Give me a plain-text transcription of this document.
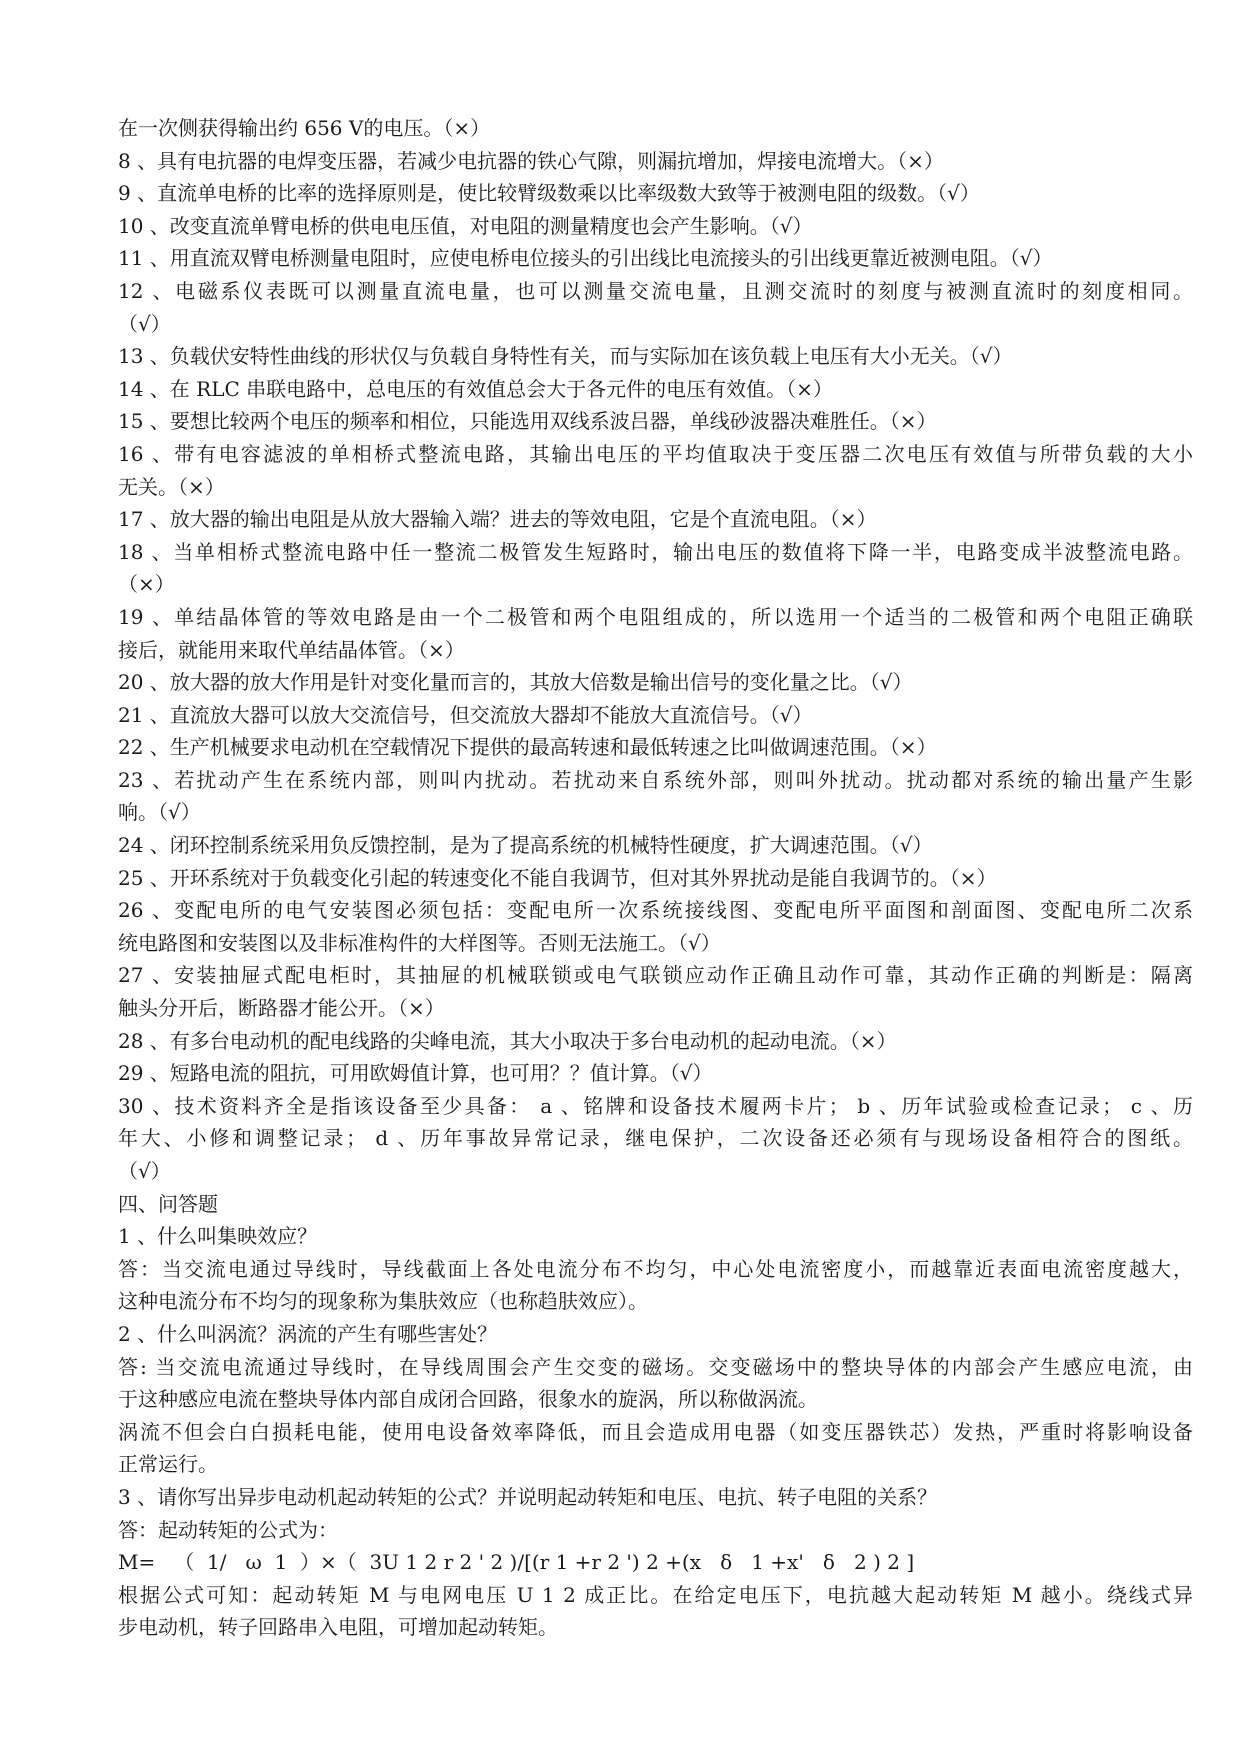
在一次侧获得输出约 656 V的电压。（×）
8 、具有电抗器的电焊变压器，若减少电抗器的铁心气隙，则漏抗增加，焊接电流增大。（×）
9 、直流单电桥的比率的选择原则是，使比较臂级数乘以比率级数大致等于被测电阻的级数。（√）
10 、改变直流单臂电桥的供电电压值，对电阻的测量精度也会产生影响。（√）
11 、用直流双臂电桥测量电阻时，应使电桥电位接头的引出线比电流接头的引出线更靠近被测电阻。（√）
12 、电磁系仪表既可以测量直流电量，也可以测量交流电量，且测交流时的刻度与被测直流时的刻度相同。
（√）
13 、负载伏安特性曲线的形状仅与负载自身特性有关，而与实际加在该负载上电压有大小无关。（√）
14 、在 RLC 串联电路中，总电压的有效值总会大于各元件的电压有效值。（×）
15 、要想比较两个电压的频率和相位，只能选用双线系波吕器，单线砂波器决难胜任。（×）
16 、带有电容滤波的单相桥式整流电路，其输出电压的平均值取决于变压器二次电压有效值与所带负载的大小
无关。（×）
17 、放大器的输出电阻是从放大器输入端？进去的等效电阻，它是个直流电阻。（×）
18 、当单相桥式整流电路中任一整流二极管发生短路时，输出电压的数值将下降一半，电路变成半波整流电路。
（×）
19 、单结晶体管的等效电路是由一个二极管和两个电阻组成的，所以选用一个适当的二极管和两个电阻正确联
接后，就能用来取代单结晶体管。（×）
20 、放大器的放大作用是针对变化量而言的，其放大倍数是输出信号的变化量之比。（√）
21 、直流放大器可以放大交流信号，但交流放大器却不能放大直流信号。（√）
22 、生产机械要求电动机在空载情况下提供的最高转速和最低转速之比叫做调速范围。（×）
23 、若扰动产生在系统内部，则叫内扰动。若扰动来自系统外部，则叫外扰动。扰动都对系统的输出量产生影
响。（√）
24 、闭环控制系统采用负反馈控制，是为了提高系统的机械特性硬度，扩大调速范围。（√）
25 、开环系统对于负载变化引起的转速变化不能自我调节，但对其外界扰动是能自我调节的。（×）
26 、变配电所的电气安装图必须包括：变配电所一次系统接线图、变配电所平面图和剖面图、变配电所二次系
统电路图和安装图以及非标准构件的大样图等。否则无法施工。（√）
27 、安装抽屉式配电柜时，其抽屉的机械联锁或电气联锁应动作正确且动作可靠，其动作正确的判断是：隔离
触头分开后，断路器才能公开。（×）
28 、有多台电动机的配电线路的尖峰电流，其大小取决于多台电动机的起动电流。（×）
29 、短路电流的阻抗，可用欧姆值计算，也可用？？值计算。（√）
30 、技术资料齐全是指该设备至少具备： a 、铭牌和设备技术履两卡片； b 、历年试验或检查记录； c 、历
年大、小修和调整记录； d 、历年事故异常记录，继电保护，二次设备还必须有与现场设备相符合的图纸。
（√）
四、问答题
1 、什么叫集映效应？
答：当交流电通过导线时，导线截面上各处电流分布不均匀，中心处电流密度小，而越靠近表面电流密度越大，
这种电流分布不均匀的现象称为集肤效应（也称趋肤效应）。
2 、什么叫涡流？涡流的产生有哪些害处？
答: 当交流电流通过导线时，在导线周围会产生交变的磁场。交变磁场中的整块导体的内部会产生感应电流，由
于这种感应电流在整块导体内部自成闭合回路，很象水的旋涡，所以称做涡流。
涡流不但会白白损耗电能，使用电设备效率降低，而且会造成用电器（如变压器铁芯）发热，严重时将影响设备
正常运行。
3 、请你写出异步电动机起动转矩的公式？并说明起动转矩和电压、电抗、转子电阻的关系？
答：起动转矩的公式为：
M=   （  1/   ω  1  ）×（  3U 1 2 r 2 ' 2 )/[(r 1 +r 2 ') 2 +(x   δ   1 +x'   δ   2 ) 2 ]
根据公式可知：起动转矩 M 与电网电压 U 1 2 成正比。在给定电压下，电抗越大起动转矩 M 越小。绕线式异
步电动机，转子回路串入电阻，可增加起动转矩。
